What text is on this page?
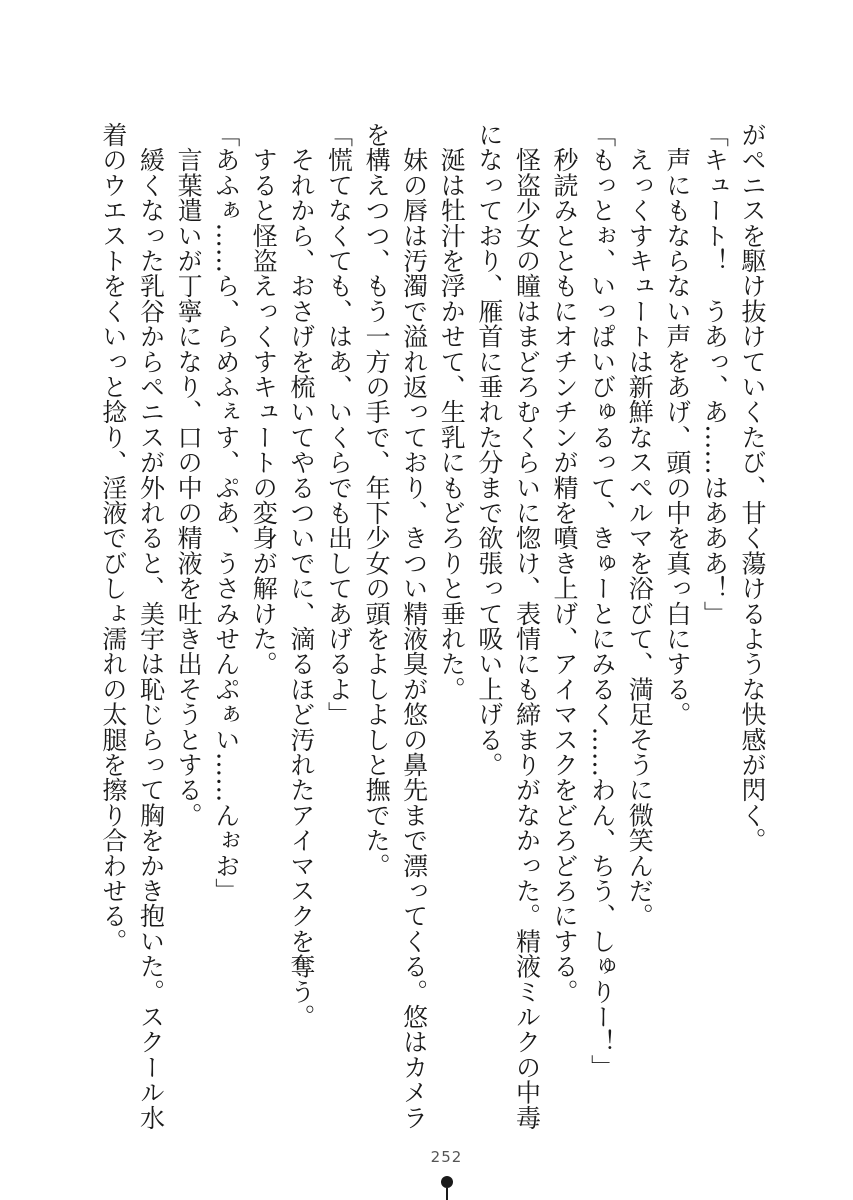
がペニスを駆け抜けていくたび、甘く蕩けるような快感が閃く。
「キュート！　うあっ、あ……はあああ！」
　声にもならない声をあげ、頭の中を真っ白にする。
　えっくすキュートは新鮮なスペルマを浴びて、満足そうに微笑んだ。
「もっとぉ、いっぱいびゅるって、きゅーとにみるく……わん、ちう、しゅりー！」
　秒読みとともにオチンチンが精を噴き上げ、アイマスクをどろどろにする。
　怪盗少女の瞳はまどろむくらいに惚け、表情にも締まりがなかった。精液ミルクの中毒
になっており、雁首に垂れた分まで欲張って吸い上げる。
　涎は牡汁を浮かせて、生乳にもどろりと垂れた。
　妹の唇は汚濁で溢れ返っており、きつい精液臭が悠の鼻先まで漂ってくる。悠はカメラ
を構えつつ、もう一方の手で、年下少女の頭をよしよしと撫でた。
「慌てなくても、はあ、いくらでも出してあげるよ」
　それから、おさげを梳いてやるついでに、滴るほど汚れたアイマスクを奪う。
　すると怪盗えっくすキュートの変身が解けた。
「あふぁ……ら、らめふぇす、ぷあ、うさみせんぷぁい……んぉお」
　言葉遣いが丁寧になり、口の中の精液を吐き出そうとする。
　緩くなった乳谷からペニスが外れると、美宇は恥じらって胸をかき抱いた。スクール水
着のウエストをくいっと捻り、淫液でびしょ濡れの太腿を擦り合わせる。
252
